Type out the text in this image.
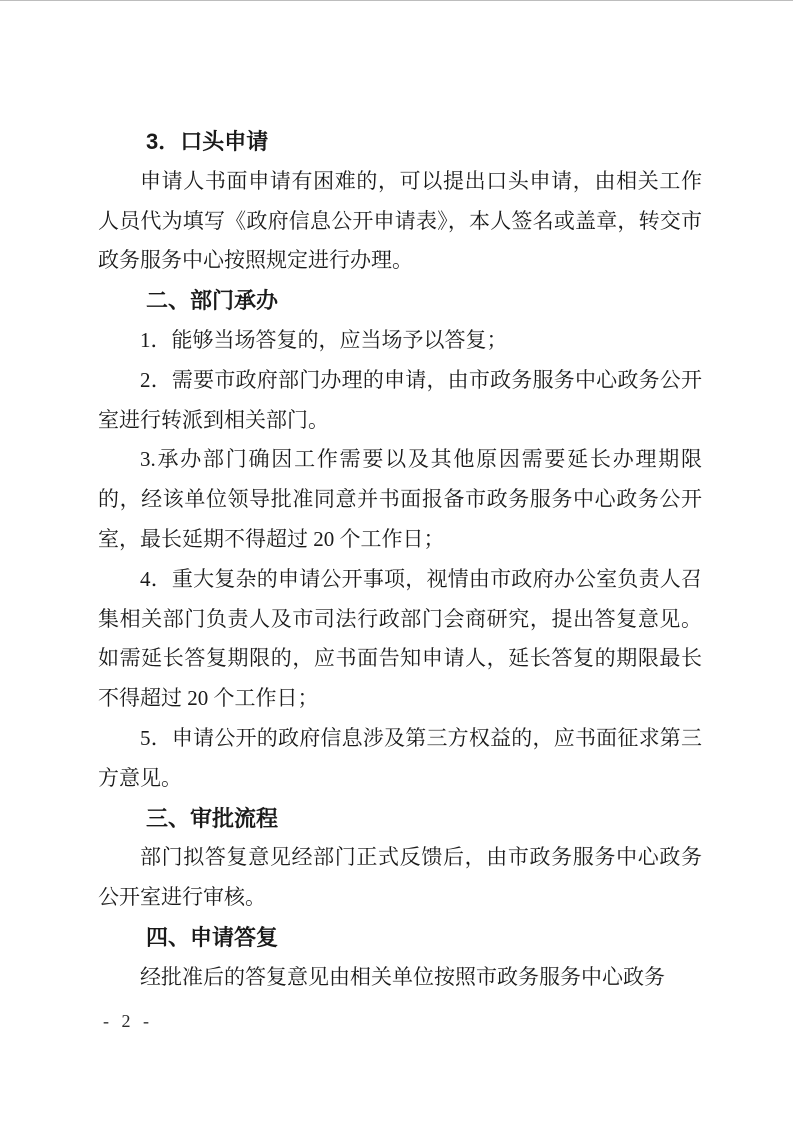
3．口头申请
申请人书面申请有困难的，可以提出口头申请，由相关工作
人员代为填写《政府信息公开申请表》，本人签名或盖章，转交市
政务服务中心按照规定进行办理。
二、部门承办
1．能够当场答复的，应当场予以答复；
2．需要市政府部门办理的申请，由市政务服务中心政务公开
室进行转派到相关部门。
3.承办部门确因工作需要以及其他原因需要延长办理期限
的，经该单位领导批准同意并书面报备市政务服务中心政务公开
室，最长延期不得超过 20 个工作日；
4．重大复杂的申请公开事项，视情由市政府办公室负责人召
集相关部门负责人及市司法行政部门会商研究，提出答复意见。
如需延长答复期限的，应书面告知申请人，延长答复的期限最长
不得超过 20 个工作日；
5．申请公开的政府信息涉及第三方权益的，应书面征求第三
方意见。
三、审批流程
部门拟答复意见经部门正式反馈后，由市政务服务中心政务
公开室进行审核。
四、申请答复
经批准后的答复意见由相关单位按照市政务服务中心政务
- 2 -
